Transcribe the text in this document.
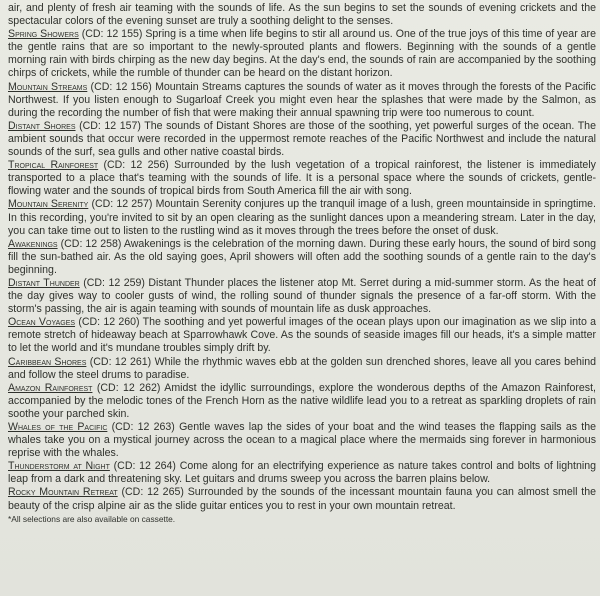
air, and plenty of fresh air teaming with the sounds of life. As the sun begins to set the sounds of evening crickets and the spectacular colors of the evening sunset are truly a soothing delight to the senses.

Spring Showers (CD: 12 155) Spring is a time when life begins to stir all around us. One of the true joys of this time of year are the gentle rains that are so important to the newly-sprouted plants and flowers. Beginning with the sounds of a gentle morning rain with birds chirping as the new day begins. At the day's end, the sounds of rain are accompanied by the soothing chirps of crickets, while the rumble of thunder can be heard on the distant horizon.

Mountain Streams (CD: 12 156) Mountain Streams captures the sounds of water as it moves through the forests of the Pacific Northwest. If you listen enough to Sugarloaf Creek you might even hear the splashes that were made by the Salmon, as during the recording the number of fish that were making their annual spawning trip were too numerous to count.

Distant Shores (CD: 12 157) The sounds of Distant Shores are those of the soothing, yet powerful surges of the ocean. The ambient sounds that occur were recorded in the uppermost remote reaches of the Pacific Northwest and include the natural sounds of the surf, sea gulls and other native coastal birds.

Tropical Rainforest (CD: 12 256) Surrounded by the lush vegetation of a tropical rainforest, the listener is immediately transported to a place that's teaming with the sounds of life. It is a personal space where the sounds of crickets, gentle-flowing water and the sounds of tropical birds from South America fill the air with song.

Mountain Serenity (CD: 12 257) Mountain Serenity conjures up the tranquil image of a lush, green mountainside in springtime. In this recording, you're invited to sit by an open clearing as the sunlight dances upon a meandering stream. Later in the day, you can take time out to listen to the rustling wind as it moves through the trees before the onset of dusk.

Awakenings (CD: 12 258) Awakenings is the celebration of the morning dawn. During these early hours, the sound of bird song fill the sun-bathed air. As the old saying goes, April showers will often add the soothing sounds of a gentle rain to the day's beginning.

Distant Thunder (CD: 12 259) Distant Thunder places the listener atop Mt. Serret during a mid-summer storm. As the heat of the day gives way to cooler gusts of wind, the rolling sound of thunder signals the presence of a far-off storm. With the storm's passing, the air is again teaming with sounds of mountain life as dusk approaches.

Ocean Voyages (CD: 12 260) The soothing and yet powerful images of the ocean plays upon our imagination as we slip into a remote stretch of hideaway beach at Sparrowhawk Cove. As the sounds of seaside images fill our heads, it's a simple matter to let the world and it's mundane troubles simply drift by.

Caribbean Shores (CD: 12 261) While the rhythmic waves ebb at the golden sun drenched shores, leave all you cares behind and follow the steel drums to paradise.

Amazon Rainforest (CD: 12 262) Amidst the idyllic surroundings, explore the wonderous depths of the Amazon Rainforest, accompanied by the melodic tones of the French Horn as the native wildlife lead you to a retreat as sparkling droplets of rain soothe your parched skin.

Whales of the Pacific (CD: 12 263) Gentle waves lap the sides of your boat and the wind teases the flapping sails as the whales take you on a mystical journey across the ocean to a magical place where the mermaids sing forever in harmonious reprise with the whales.

Thunderstorm at Night (CD: 12 264) Come along for an electrifying experience as nature takes control and bolts of lightning leap from a dark and threatening sky. Let guitars and drums sweep you across the barren plains below.

Rocky Mountain Retreat (CD: 12 265) Surrounded by the sounds of the incessant mountain fauna you can almost smell the beauty of the crisp alpine air as the slide guitar entices you to rest in your own mountain retreat.

*All selections are also available on cassette.
